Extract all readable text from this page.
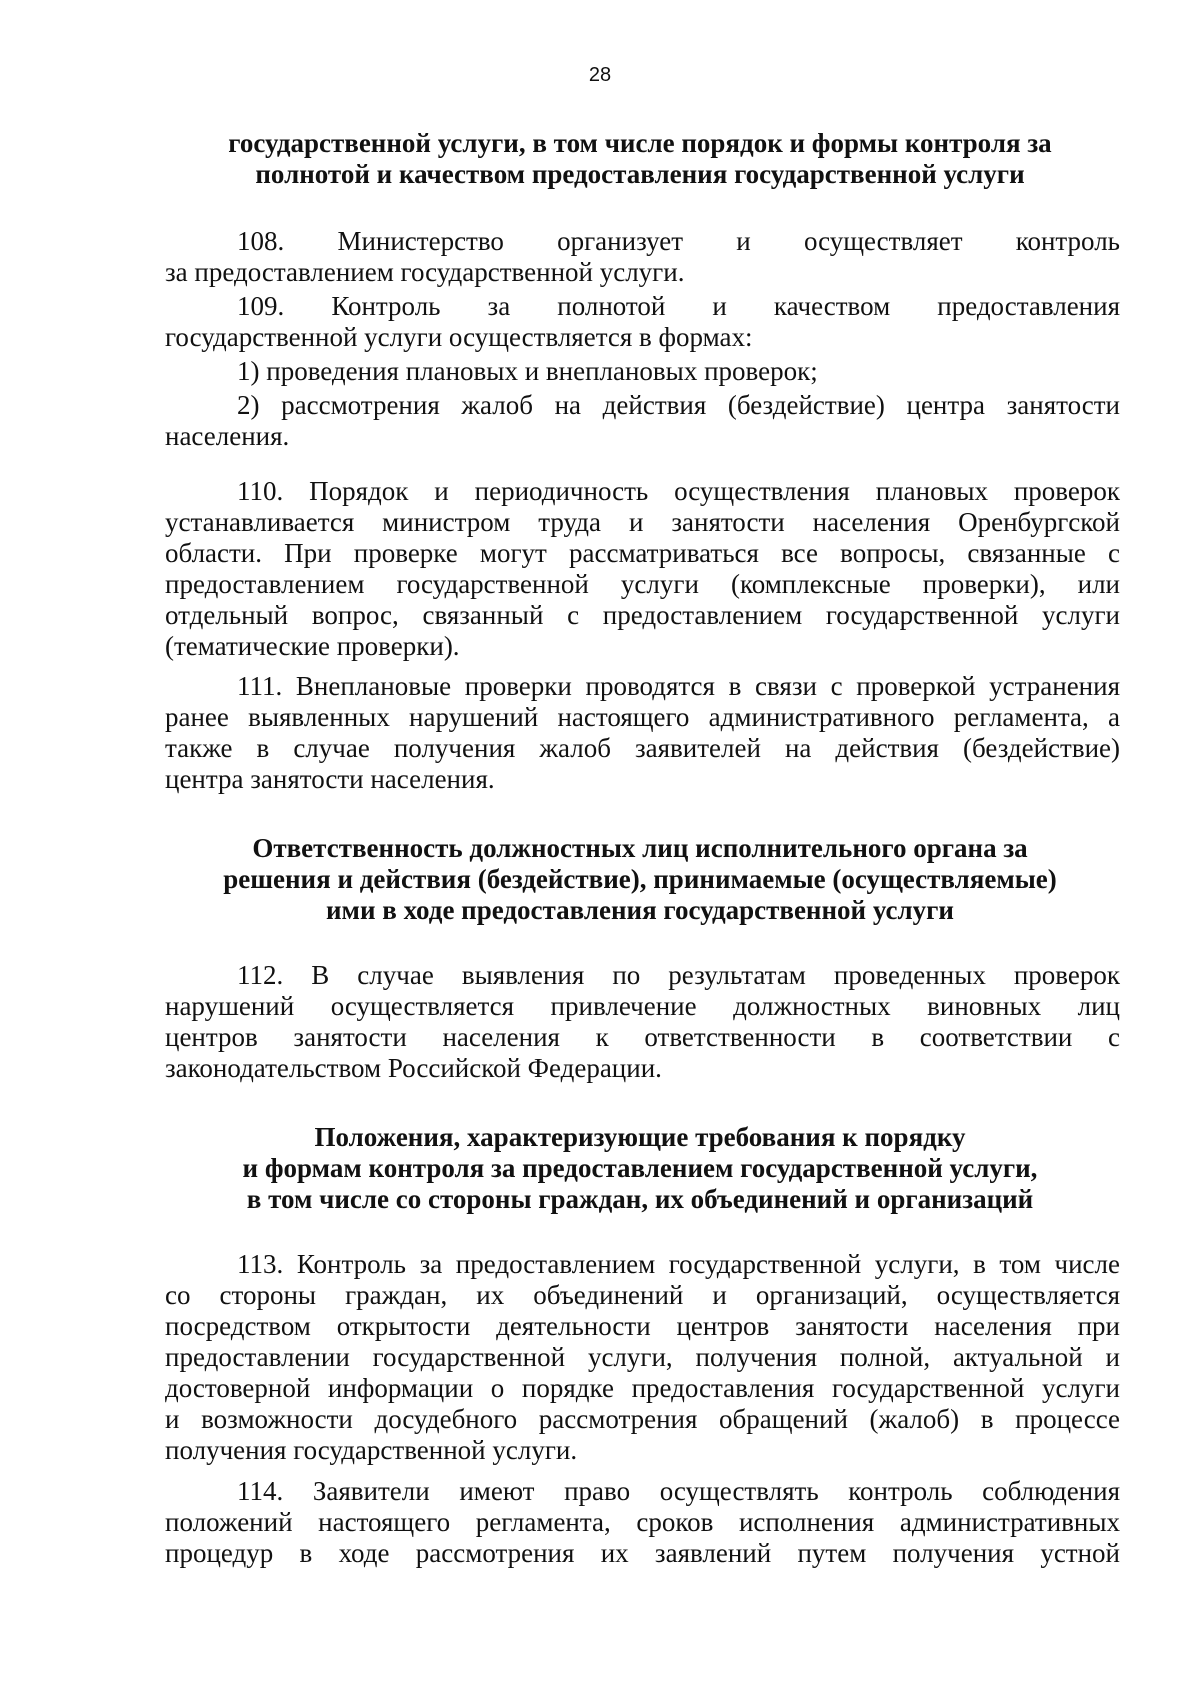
28
государственной услуги, в том числе порядок и формы контроля за
полнотой и качеством предоставления государственной услуги
108. Министерство организует и осуществляет контроль
за предоставлением государственной услуги.
109. Контроль за полнотой и качеством предоставления
государственной услуги осуществляется в формах:
1) проведения плановых и внеплановых проверок;
2) рассмотрения жалоб на действия (бездействие) центра занятости
населения.
110. Порядок и периодичность осуществления плановых проверок
устанавливается министром труда и занятости населения Оренбургской
области. При проверке могут рассматриваться все вопросы, связанные с
предоставлением государственной услуги (комплексные проверки), или
отдельный вопрос, связанный с предоставлением государственной услуги
(тематические проверки).
111. Внеплановые проверки проводятся в связи с проверкой устранения
ранее выявленных нарушений настоящего административного регламента, а
также в случае получения жалоб заявителей на действия (бездействие)
центра занятости населения.
Ответственность должностных лиц исполнительного органа за
решения и действия (бездействие), принимаемые (осуществляемые)
ими в ходе предоставления государственной услуги
112. В случае выявления по результатам проведенных проверок
нарушений осуществляется привлечение должностных виновных лиц
центров занятости населения к ответственности в соответствии с
законодательством Российской Федерации.
Положения, характеризующие требования к порядку
и формам контроля за предоставлением государственной услуги,
в том числе со стороны граждан, их объединений и организаций
113. Контроль за предоставлением государственной услуги, в том числе
со стороны граждан, их объединений и организаций, осуществляется
посредством открытости деятельности центров занятости населения при
предоставлении государственной услуги, получения полной, актуальной и
достоверной информации о порядке предоставления государственной услуги
и возможности досудебного рассмотрения обращений (жалоб) в процессе
получения государственной услуги.
114. Заявители имеют право осуществлять контроль соблюдения
положений настоящего регламента, сроков исполнения административных
процедур в ходе рассмотрения их заявлений путем получения устной
